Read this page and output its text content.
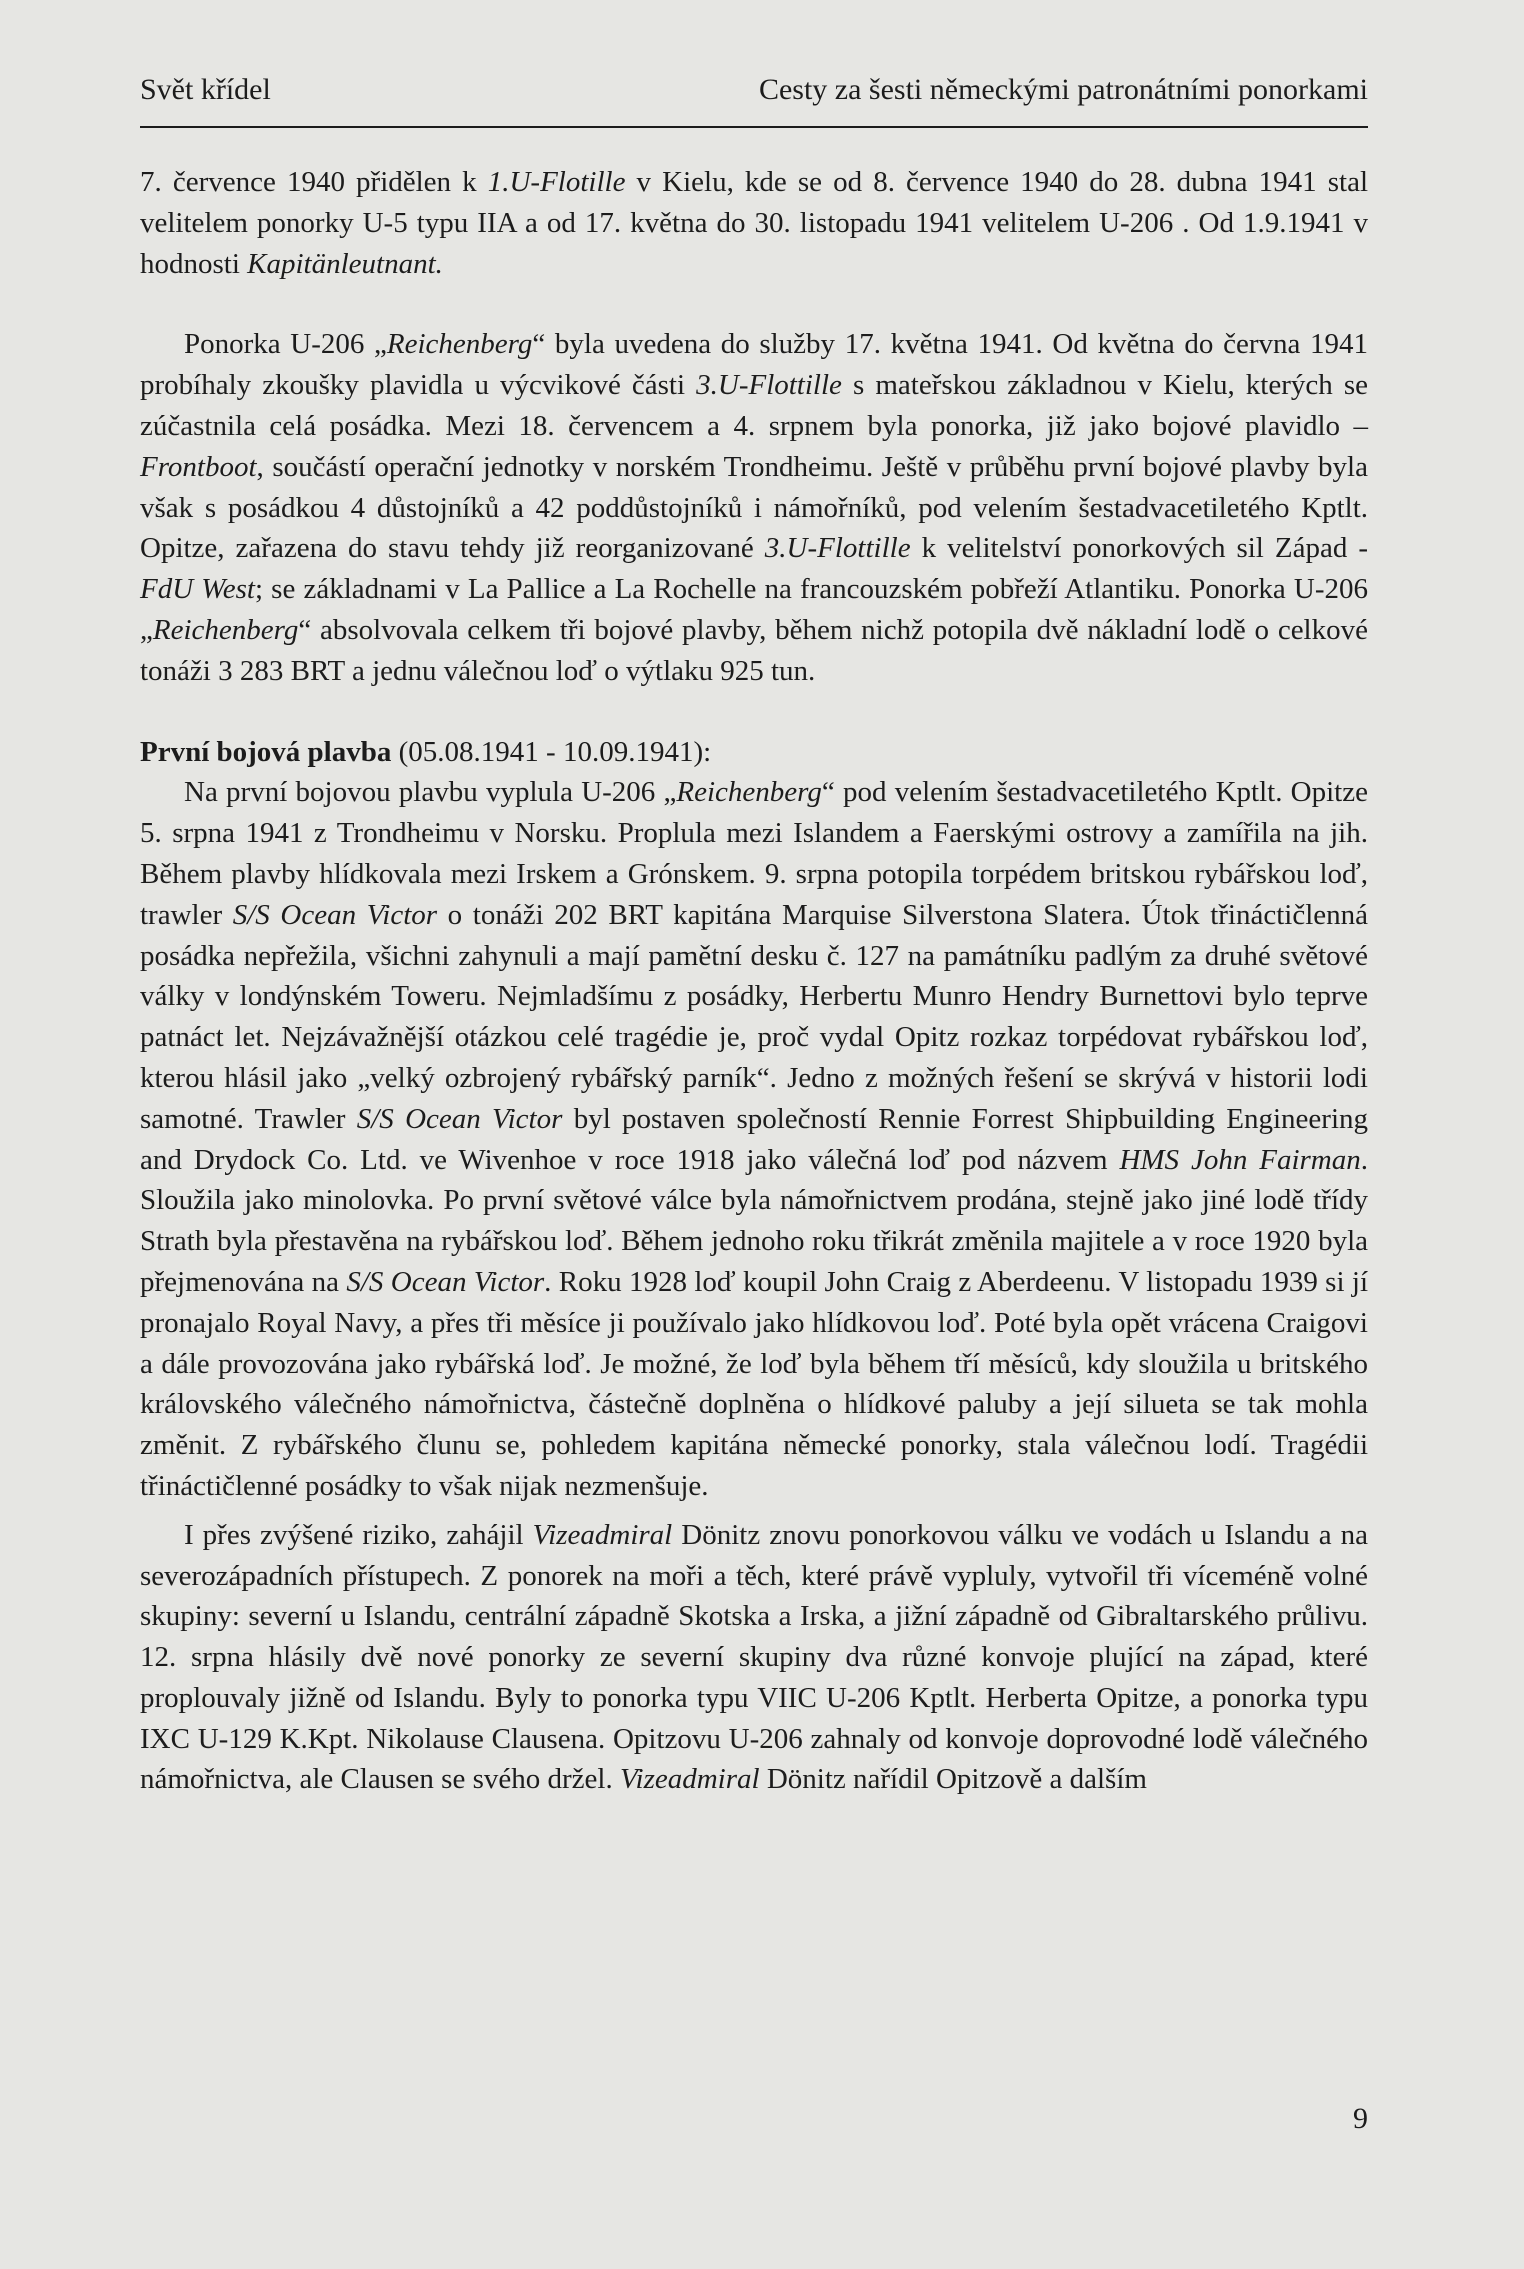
Svět křídel	Cesty za šesti německými patronátními ponorkami

7. července 1940 přidělen k 1.U-Flotille v Kielu, kde se od 8. července 1940 do 28. dubna 1941 stal velitelem ponorky U-5 typu IIA a od 17. května do 30. listopadu 1941 velitelem U-206 . Od 1.9.1941 v hodnosti Kapitänleutnant.

Ponorka U-206 „Reichenberg“ byla uvedena do služby 17. května 1941. Od května do června 1941 probíhaly zkoušky plavidla u výcvikové části 3.U-Flottille s mateřskou základnou v Kielu, kterých se zúčastnila celá posádka. Mezi 18. červencem a 4. srpnem byla ponorka, již jako bojové plavidlo – Frontboot, součástí operační jednotky v norském Trondheimu. Ještě v průběhu první bojové plavby byla však s posádkou 4 důstojníků a 42 poddůstojníků i námořníků, pod velením šestadvacetiletého Kptlt. Opitze, zařazena do stavu tehdy již reorganizované 3.U-Flottille k velitelství ponorkových sil Západ - FdU West; se základnami v La Pallice a La Rochelle na francouzském pobřeží Atlantiku. Ponorka U-206 „Reichenberg“ absolvovala celkem tři bojové plavby, během nichž potopila dvě nákladní lodě o celkové tonáži 3 283 BRT a jednu válečnou loď o výtlaku 925 tun.

První bojová plavba (05.08.1941 - 10.09.1941):

Na první bojovou plavbu vyplula U-206 „Reichenberg“ pod velením šestadvacetiletého Kptlt. Opitze 5. srpna 1941 z Trondheimu v Norsku. Proplula mezi Islandem a Faerskými ostrovy a zamířila na jih. Během plavby hlídkovala mezi Irskem a Grónskem. 9. srpna potopila torpédem britskou rybářskou loď, trawler S/S Ocean Victor o tonáži 202 BRT kapitána Marquise Silverstona Slatera. Útok třináctičlenná posádka nepřežila, všichni zahynuli a mají pamětní desku č. 127 na památníku padlým za druhé světové války v londýnském Toweru. Nejmladšímu z posádky, Herbertu Munro Hendry Burnettovi bylo teprve patnáct let. Nejzávažnější otázkou celé tragédie je, proč vydal Opitz rozkaz torpédovat rybářskou loď, kterou hlásil jako „velký ozbrojený rybářský parník“. Jedno z možných řešení se skrývá v historii lodi samotné. Trawler S/S Ocean Victor byl postaven společností Rennie Forrest Shipbuilding Engineering and Drydock Co. Ltd. ve Wivenhoe v roce 1918 jako válečná loď pod názvem HMS John Fairman. Sloužila jako minolovka. Po první světové válce byla námořnictvem prodána, stejně jako jiné lodě třídy Strath byla přestavěna na rybářskou loď. Během jednoho roku třikrát změnila majitele a v roce 1920 byla přejmenována na S/S Ocean Victor. Roku 1928 loď koupil John Craig z Aberdeenu. V listopadu 1939 si jí pronajalo Royal Navy, a přes tři měsíce ji používalo jako hlídkovou loď. Poté byla opět vrácena Craigovi a dále provozována jako rybářská loď. Je možné, že loď byla během tří měsíců, kdy sloužila u britského královského válečného námořnictva, částečně doplněna o hlídkové paluby a její silueta se tak mohla změnit. Z rybářského člunu se, pohledem kapitána německé ponorky, stala válečnou lodí. Tragédii třináctičlenné posádky to však nijak nezmenšuje.

I přes zvýšené riziko, zahájil Vizeadmiral Dönitz znovu ponorkovou válku ve vodách u Islandu a na severozápadních přístupech. Z ponorek na moři a těch, které právě vypluly, vytvořil tři víceméně volné skupiny: severní u Islandu, centrální západně Skotska a Irska, a jižní západně od Gibraltarského průlivu. 12. srpna hlásily dvě nové ponorky ze severní skupiny dva různé konvoje plující na západ, které proplouvaly jižně od Islandu. Byly to ponorka typu VIIC U-206 Kptlt. Herberta Opitze, a ponorka typu IXC U-129 K.Kpt. Nikolause Clausena. Opitzovu U-206 zahnaly od konvoje doprovodné lodě válečného námořnictva, ale Clausen se svého držel. Vizeadmiral Dönitz nařídil Opitzově a dalším

9
